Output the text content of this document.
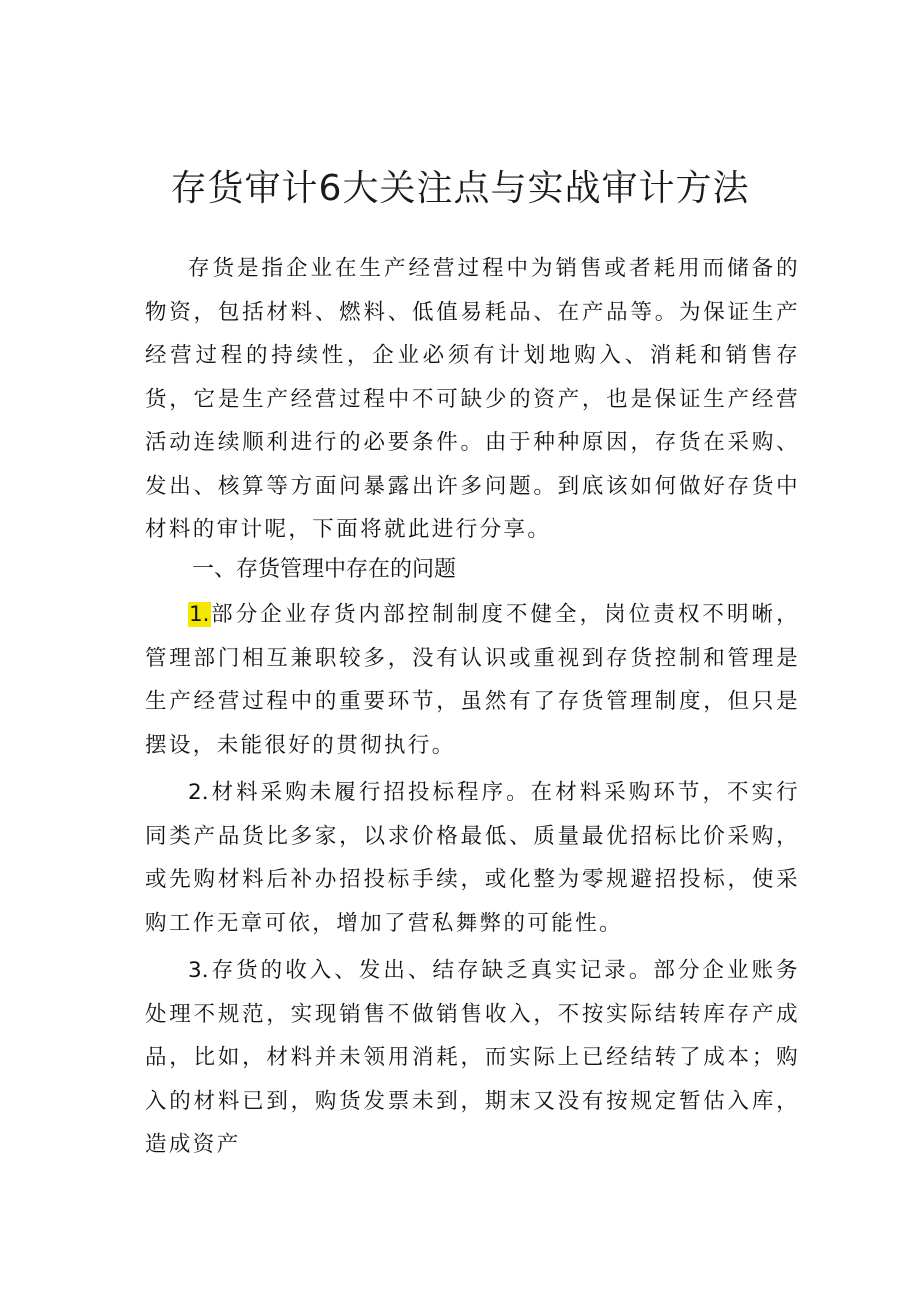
存货审计6大关注点与实战审计方法

存货是指企业在生产经营过程中为销售或者耗用而储备的物资，包括材料、燃料、低值易耗品、在产品等。为保证生产经营过程的持续性，企业必须有计划地购入、消耗和销售存货，它是生产经营过程中不可缺少的资产，也是保证生产经营活动连续顺利进行的必要条件。由于种种原因，存货在采购、发出、核算等方面问暴露出许多问题。到底该如何做好存货中材料的审计呢，下面将就此进行分享。

一、存货管理中存在的问题

1.部分企业存货内部控制制度不健全，岗位责权不明晰，管理部门相互兼职较多，没有认识或重视到存货控制和管理是生产经营过程中的重要环节，虽然有了存货管理制度，但只是摆设，未能很好的贯彻执行。

2.材料采购未履行招投标程序。在材料采购环节，不实行同类产品货比多家，以求价格最低、质量最优招标比价采购，或先购材料后补办招投标手续，或化整为零规避招投标，使采购工作无章可依，增加了营私舞弊的可能性。

3.存货的收入、发出、结存缺乏真实记录。部分企业账务处理不规范，实现销售不做销售收入，不按实际结转库存产成品，比如，材料并未领用消耗，而实际上已经结转了成本；购入的材料已到，购货发票未到，期末又没有按规定暂估入库，造成资产
